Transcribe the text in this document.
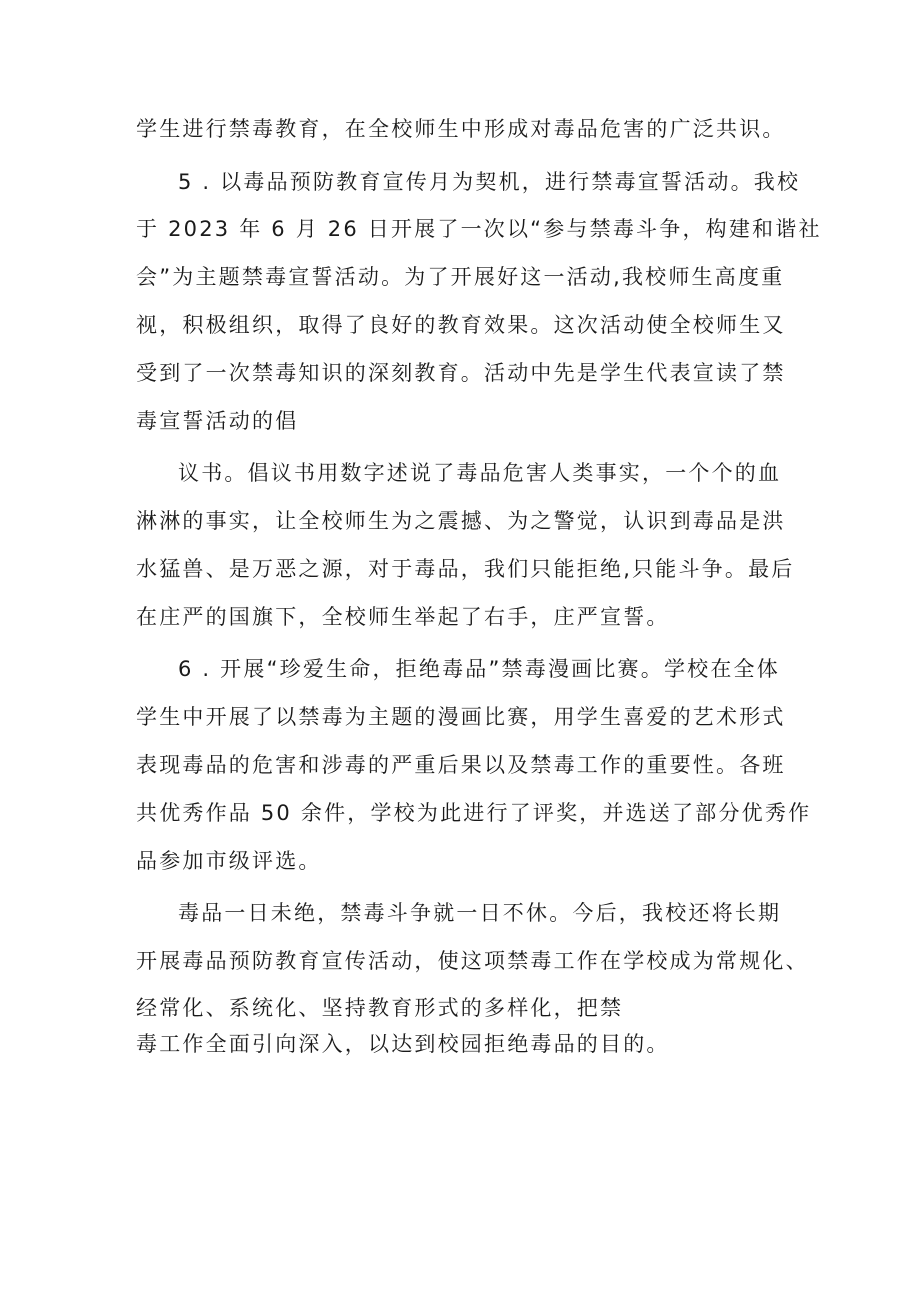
学生进行禁毒教育，在全校师生中形成对毒品危害的广泛共识。
5 . 以毒品预防教育宣传月为契机，进行禁毒宣誓活动。我校
于 2023 年 6 月 26 日开展了一次以“参与禁毒斗争，构建和谐社
会”为主题禁毒宣誓活动。为了开展好这一活动,我校师生高度重
视，积极组织，取得了良好的教育效果。这次活动使全校师生又
受到了一次禁毒知识的深刻教育。活动中先是学生代表宣读了禁
毒宣誓活动的倡
议书。倡议书用数字述说了毒品危害人类事实，一个个的血
淋淋的事实，让全校师生为之震撼、为之警觉，认识到毒品是洪
水猛兽、是万恶之源，对于毒品，我们只能拒绝,只能斗争。最后
在庄严的国旗下，全校师生举起了右手，庄严宣誓。
6 . 开展“珍爱生命，拒绝毒品”禁毒漫画比赛。学校在全体
学生中开展了以禁毒为主题的漫画比赛，用学生喜爱的艺术形式
表现毒品的危害和涉毒的严重后果以及禁毒工作的重要性。各班
共优秀作品 50 余件，学校为此进行了评奖，并选送了部分优秀作
品参加市级评选。
毒品一日未绝，禁毒斗争就一日不休。今后，我校还将长期
开展毒品预防教育宣传活动，使这项禁毒工作在学校成为常规化、
经常化、系统化、坚持教育形式的多样化，把禁
毒工作全面引向深入，以达到校园拒绝毒品的目的。
